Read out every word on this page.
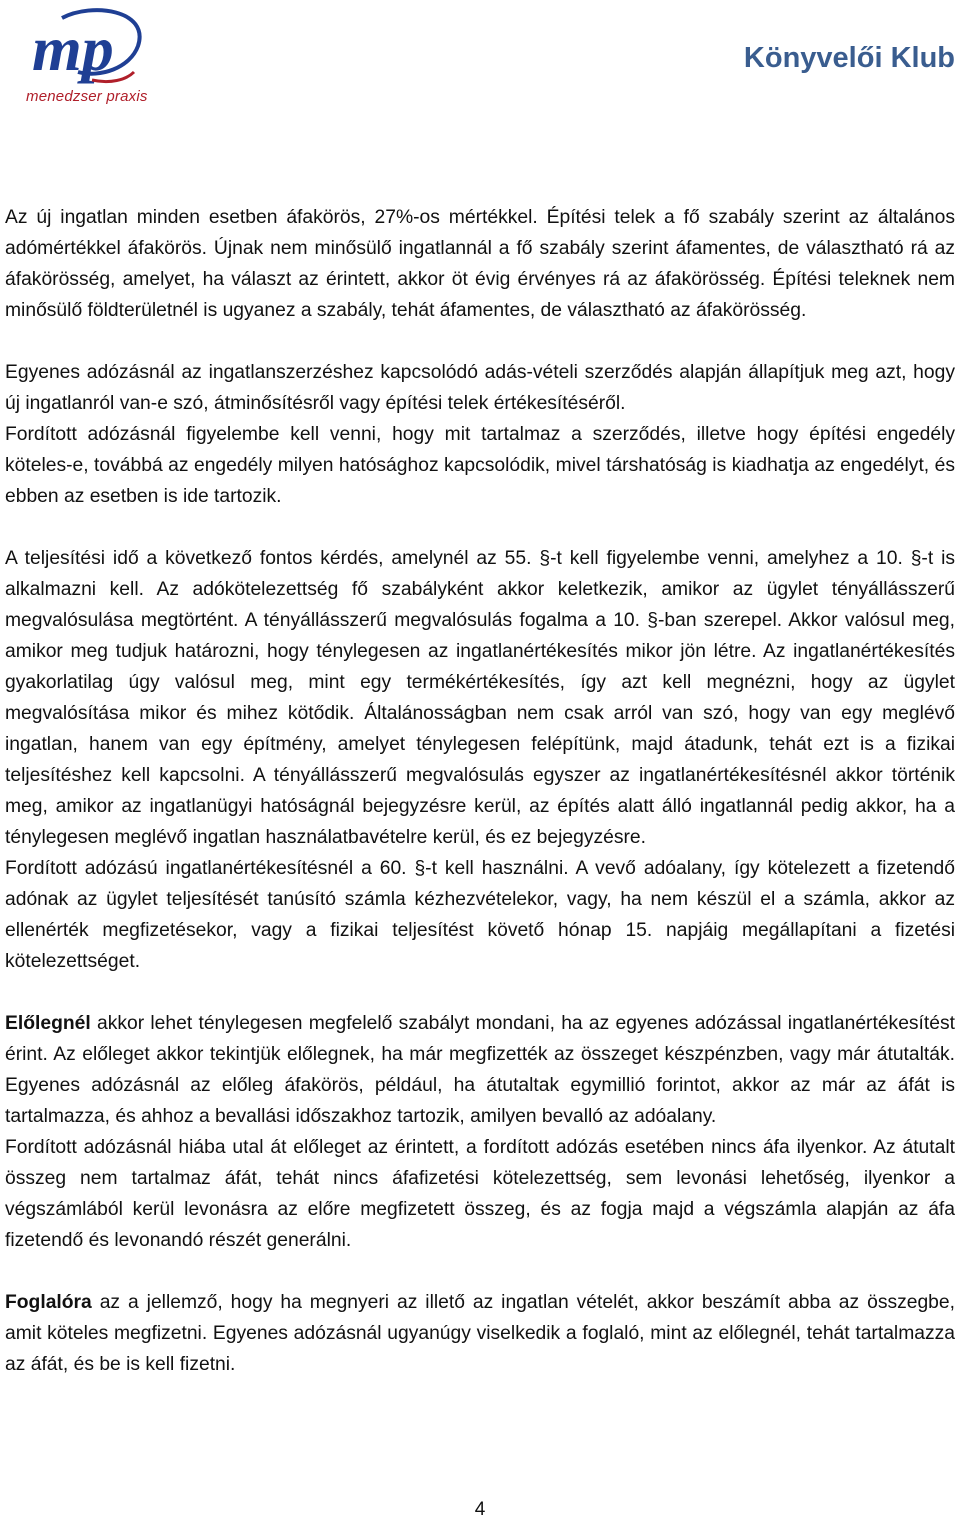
mp
menedzser praxis
Könyvelői Klub

Az új ingatlan minden esetben áfakörös, 27%-os mértékkel. Építési telek a fő szabály szerint az általános adómértékkel áfakörös. Újnak nem minősülő ingatlannál a fő szabály szerint áfamentes, de választható rá az áfakörösség, amelyet, ha választ az érintett, akkor öt évig érvényes rá az áfakörösség. Építési teleknek nem minősülő földterületnél is ugyanez a szabály, tehát áfamentes, de választható az áfakörösség.

Egyenes adózásnál az ingatlanszerzéshez kapcsolódó adás-vételi szerződés alapján állapítjuk meg azt, hogy új ingatlanról van-e szó, átminősítésről vagy építési telek értékesítéséről.

Fordított adózásnál figyelembe kell venni, hogy mit tartalmaz a szerződés, illetve hogy építési engedély köteles-e, továbbá az engedély milyen hatósághoz kapcsolódik, mivel társhatóság is kiadhatja az engedélyt, és ebben az esetben is ide tartozik.

A teljesítési idő a következő fontos kérdés, amelynél az 55. §-t kell figyelembe venni, amelyhez a 10. §-t is alkalmazni kell. Az adókötelezettség fő szabályként akkor keletkezik, amikor az ügylet tényállásszerű megvalósulása megtörtént. A tényállásszerű megvalósulás fogalma a 10. §-ban szerepel. Akkor valósul meg, amikor meg tudjuk határozni, hogy ténylegesen az ingatlanértékesítés mikor jön létre. Az ingatlanértékesítés gyakorlatilag úgy valósul meg, mint egy termékértékesítés, így azt kell megnézni, hogy az ügylet megvalósítása mikor és mihez kötődik. Általánosságban nem csak arról van szó, hogy van egy meglévő ingatlan, hanem van egy építmény, amelyet ténylegesen felépítünk, majd átadunk, tehát ezt is a fizikai teljesítéshez kell kapcsolni. A tényállásszerű megvalósulás egyszer az ingatlanértékesítésnél akkor történik meg, amikor az ingatlanügyi hatóságnál bejegyzésre kerül, az építés alatt álló ingatlannál pedig akkor, ha a ténylegesen meglévő ingatlan használatbavételre kerül, és ez bejegyzésre.

Fordított adózású ingatlanértékesítésnél a 60. §-t kell használni. A vevő adóalany, így kötelezett a fizetendő adónak az ügylet teljesítését tanúsító számla kézhezvételekor, vagy, ha nem készül el a számla, akkor az ellenérték megfizetésekor, vagy a fizikai teljesítést követő hónap 15. napjáig megállapítani a fizetési kötelezettséget.

Előlegnél akkor lehet ténylegesen megfelelő szabályt mondani, ha az egyenes adózással ingatlanértékesítést érint. Az előleget akkor tekintjük előlegnek, ha már megfizették az összeget készpénzben, vagy már átutalták. Egyenes adózásnál az előleg áfakörös, például, ha átutaltak egymillió forintot, akkor az már az áfát is tartalmazza, és ahhoz a bevallási időszakhoz tartozik, amilyen bevalló az adóalany.

Fordított adózásnál hiába utal át előleget az érintett, a fordított adózás esetében nincs áfa ilyenkor. Az átutalt összeg nem tartalmaz áfát, tehát nincs áfafizetési kötelezettség, sem levonási lehetőség, ilyenkor a végszámlából kerül levonásra az előre megfizetett összeg, és az fogja majd a végszámla alapján az áfa fizetendő és levonandó részét generálni.

Foglalóra az a jellemző, hogy ha megnyeri az illető az ingatlan vételét, akkor beszámít abba az összegbe, amit köteles megfizetni. Egyenes adózásnál ugyanúgy viselkedik a foglaló, mint az előlegnél, tehát tartalmazza az áfát, és be is kell fizetni.

4
